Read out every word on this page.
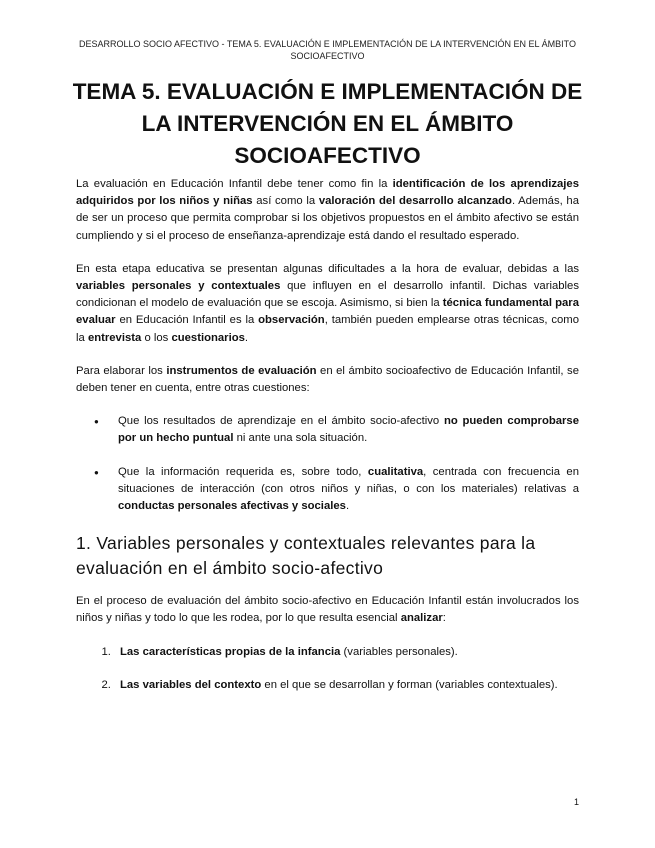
DESARROLLO SOCIO AFECTIVO - TEMA 5. EVALUACIÓN E IMPLEMENTACIÓN DE LA INTERVENCIÓN EN EL ÁMBITO SOCIOAFECTIVO
TEMA 5. EVALUACIÓN E IMPLEMENTACIÓN DE LA INTERVENCIÓN EN EL ÁMBITO SOCIOAFECTIVO

La evaluación en Educación Infantil debe tener como fin la identificación de los aprendizajes adquiridos por los niños y niñas así como la valoración del desarrollo alcanzado. Además, ha de ser un proceso que permita comprobar si los objetivos propuestos en el ámbito afectivo se están cumpliendo y si el proceso de enseñanza-aprendizaje está dando el resultado esperado.

En esta etapa educativa se presentan algunas dificultades a la hora de evaluar, debidas a las variables personales y contextuales que influyen en el desarrollo infantil. Dichas variables condicionan el modelo de evaluación que se escoja. Asimismo, si bien la técnica fundamental para evaluar en Educación Infantil es la observación, también pueden emplearse otras técnicas, como la entrevista o los cuestionarios.

Para elaborar los instrumentos de evaluación en el ámbito socioafectivo de Educación Infantil, se deben tener en cuenta, entre otras cuestiones:

● Que los resultados de aprendizaje en el ámbito socio-afectivo no pueden comprobarse por un hecho puntual ni ante una sola situación.
● Que la información requerida es, sobre todo, cualitativa, centrada con frecuencia en situaciones de interacción (con otros niños y niñas, o con los materiales) relativas a conductas personales afectivas y sociales.
1. Variables personales y contextuales relevantes para la evaluación en el ámbito socio-afectivo

En el proceso de evaluación del ámbito socio-afectivo en Educación Infantil están involucrados los niños y niñas y todo lo que les rodea, por lo que resulta esencial analizar:

1. Las características propias de la infancia (variables personales).
2. Las variables del contexto en el que se desarrollan y forman (variables contextuales).
1
